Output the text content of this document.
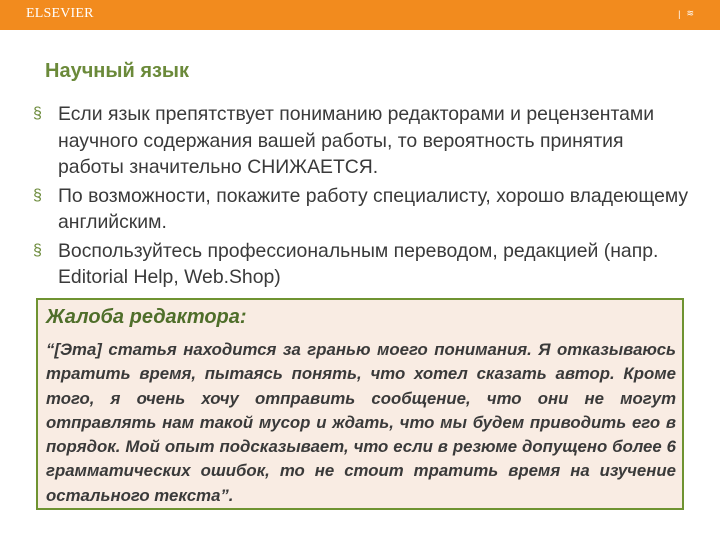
ELSEVIER	| ≋
Научный язык
§ Если язык препятствует пониманию редакторами и рецензентами научного содержания вашей работы, то вероятность принятия работы значительно СНИЖАЕТСЯ.
§ По возможности, покажите работу специалисту, хорошо владеющему английским.
§ Воспользуйтесь профессиональным переводом, редакцией (напр. Editorial Help, Web.Shop)
Жалоба редактора:

“[Эта] статья находится за гранью моего понимания. Я отказываюсь тратить время, пытаясь понять, что хотел сказать автор. Кроме того, я очень хочу отправить сообщение, что они не могут отправлять нам такой мусор и ждать, что мы будем приводить его в порядок. Мой опыт подсказывает, что если в резюме допущено более 6 грамматических ошибок, то не стоит тратить время на изучение остального текста”.
